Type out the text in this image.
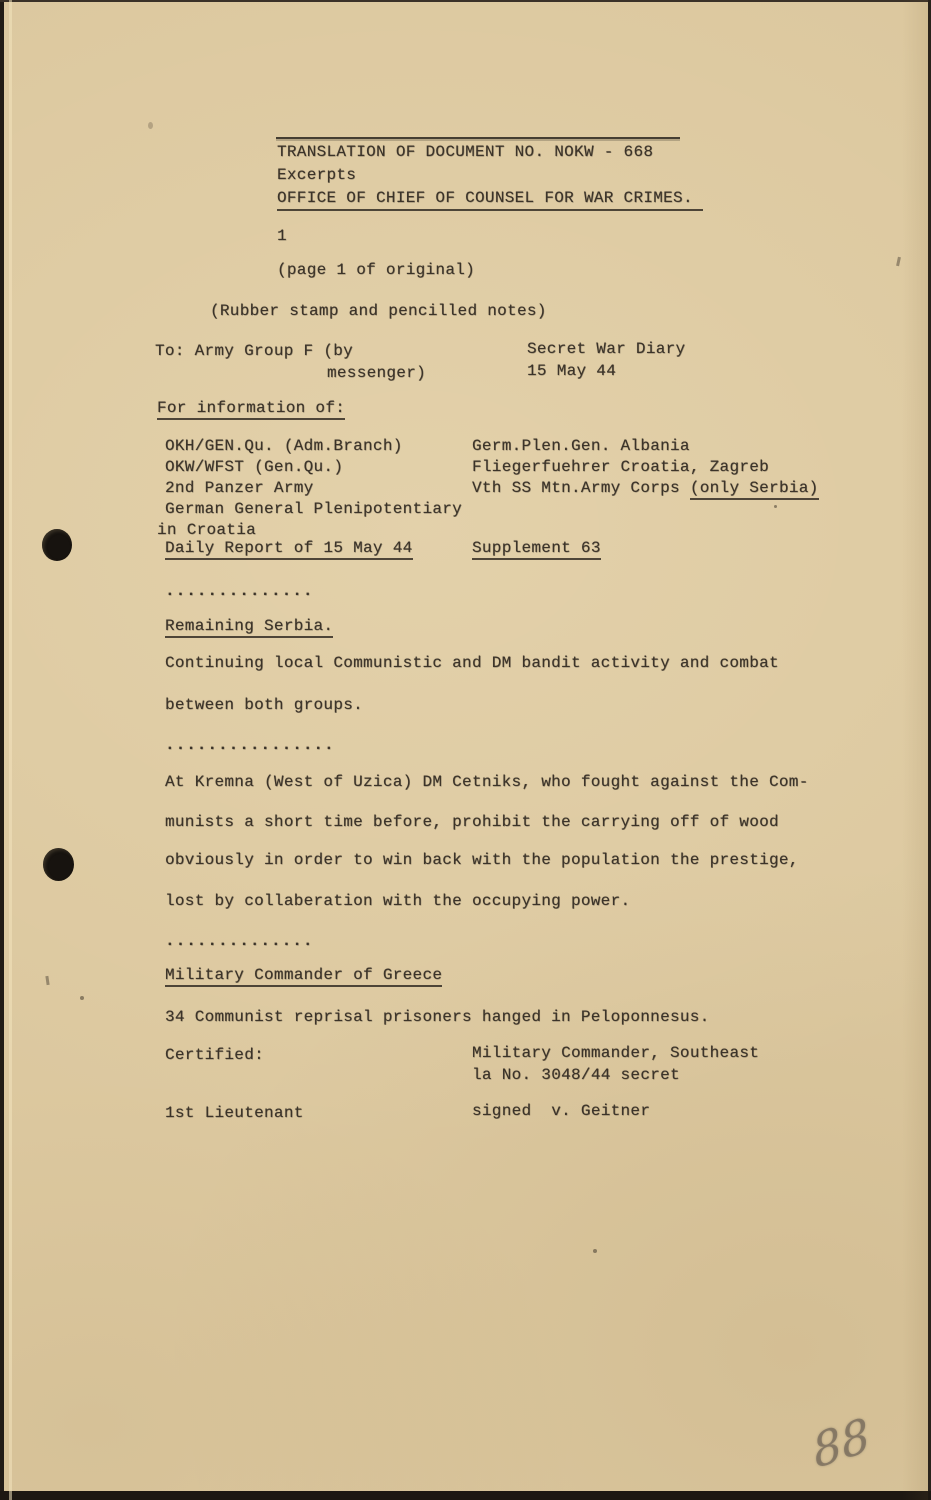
TRANSLATION OF DOCUMENT NO. NOKW - 668
Excerpts
OFFICE OF CHIEF OF COUNSEL FOR WAR CRIMES.
1
(page 1 of original)
(Rubber stamp and pencilled notes)
To: Army Group F (by
messenger)
Secret War Diary
15 May 44
For information of:
OKH/GEN.Qu. (Adm.Branch)
OKW/WFST (Gen.Qu.)
2nd Panzer Army
German General Plenipotentiary
in Croatia
Daily Report of 15 May 44
Germ.Plen.Gen. Albania
Fliegerfuehrer Croatia, Zagreb
Vth SS Mtn.Army Corps (only Serbia)
Supplement 63
..............
Remaining Serbia.
Continuing local Communistic and DM bandit activity and combat
between both groups.
................
At Kremna (West of Uzica) DM Cetniks, who fought against the Com-
munists a short time before, prohibit the carrying off of wood
obviously in order to win back with the population the prestige,
lost by collaberation with the occupying power.
..............
Military Commander of Greece
34 Communist reprisal prisoners hanged in Peloponnesus.
Certified:	Military Commander, Southeast
la No. 3048/44 secret
1st Lieutenant	signed  v. Geitner
88
